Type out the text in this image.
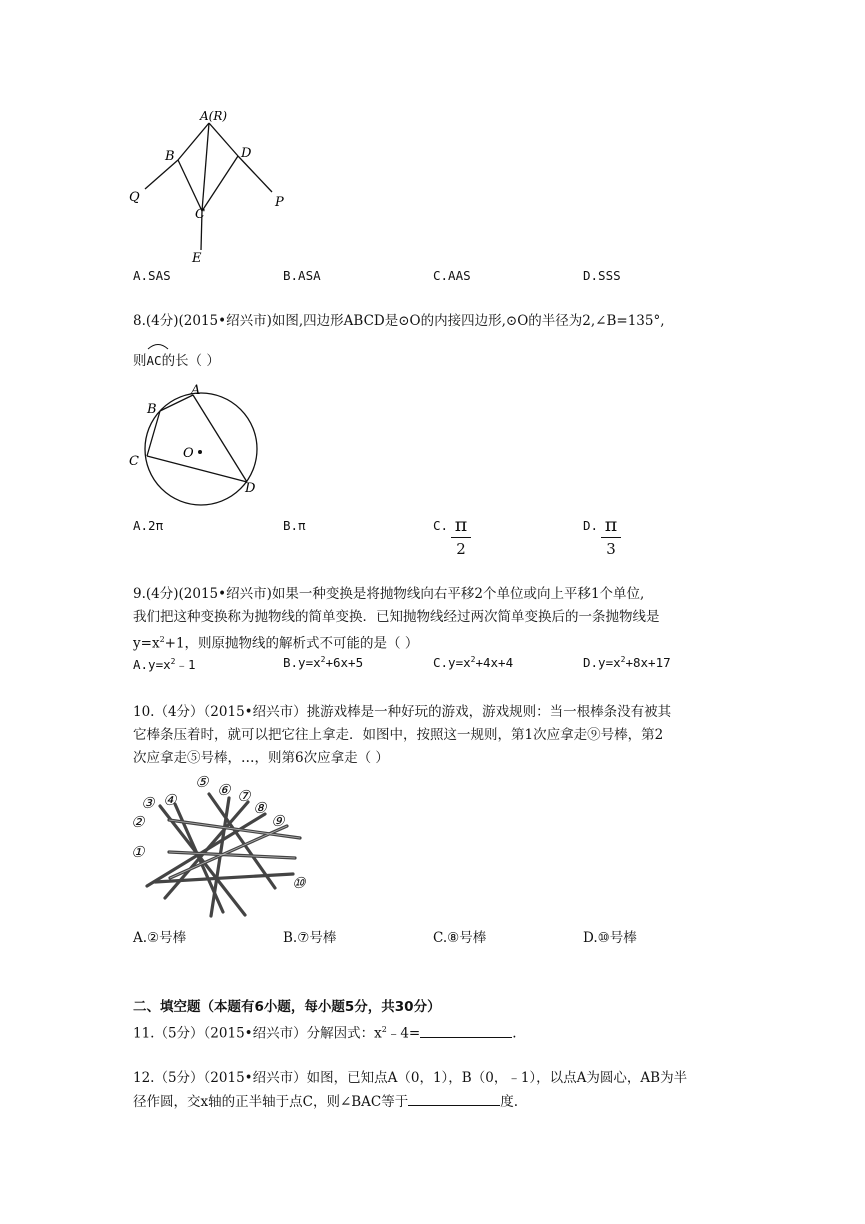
A(R)
B	D
Q	P
C
E
A.SAS	B.ASA	C.AAS	D.SSS
8.(4分)(2015•绍兴市)如图,四边形ABCD是⊙O的内接四边形,⊙O的半径为2,∠B=135°,
则
AC的长（ ）
A
B
C
D
O
A.2π	B.π	C. π
2
D. π
3
9.(4分)(2015•绍兴市)如果一种变换是将抛物线向右平移2个单位或向上平移1个单位,
我们把这种变换称为抛物线的简单变换．已知抛物线经过两次简单变换后的一条抛物线是
$y=x^2+1$，则原抛物线的解析式不可能的是（ ）
$A.y=x^2﹣1$	$B.y=x^2+6x+5$	$C.y=x^2+4x+4$	$D.y=x^2+8x+17$
10.（4分）（2015•绍兴市）挑游戏棒是一种好玩的游戏，游戏规则：当一根棒条没有被其
它棒条压着时，就可以把它往上拿走．如图中，按照这一规则，第1次应拿走⑨号棒，第2
次应拿走⑤号棒，…，则第6次应拿走（ ）
①
②
③ ④
⑤ ⑥ ⑦
⑧
⑨
⑩
A.②号棒	B.⑦号棒	C.⑧号棒	D.⑩号棒
二、填空题（本题有6小题，每小题5分，共30分）
11.（5分）（2015•绍兴市）分解因式：$x^2﹣4=$	.
12.（5分）（2015•绍兴市）如图，已知点A（0，1），B（0，﹣1），以点A为圆心，AB为半
径作圆，交x轴的正半轴于点C，则∠BAC等于	度.
